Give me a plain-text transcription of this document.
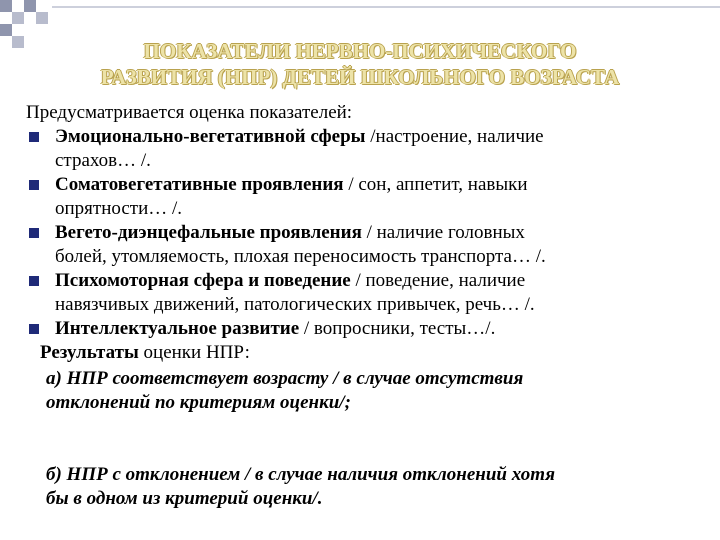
ПОКАЗАТЕЛИ НЕРВНО-ПСИХИЧЕСКОГО
РАЗВИТИЯ (НПР) ДЕТЕЙ ШКОЛЬНОГО ВОЗРАСТА

Предусматривается оценка показателей:

Эмоционально-вегетативной сферы /настроение, наличие
страхов… /.
Соматовегетативные проявления / сон, аппетит, навыки
опрятности… /.
Вегето-диэнцефальные проявления / наличие головных
болей, утомляемость, плохая переносимость транспорта… /.
Психомоторная сфера и поведение / поведение, наличие
навязчивых движений, патологических привычек, речь… /.
Интеллектуальное развитие / вопросники, тесты…/.

Результаты оценки НПР:

а) НПР соответствует возрасту / в случае отсутствия
отклонений по критериям оценки/;

б) НПР с отклонением / в случае наличия отклонений хотя
бы в одном из критерий оценки/.
